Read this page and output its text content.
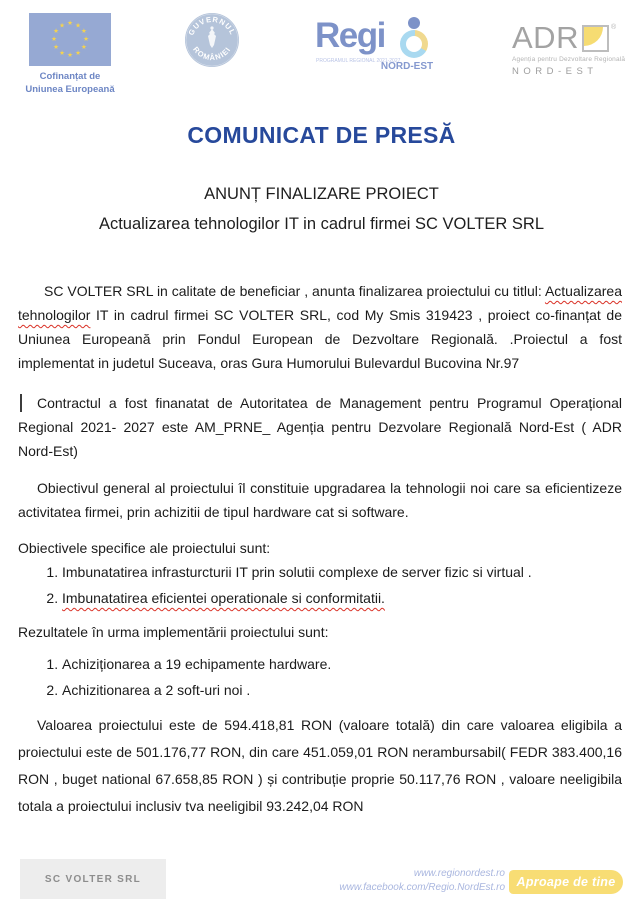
★ ★
★
★
★
★
★
★
★
★
★
★
Cofinanțat de
Uniunea Europeană
GUVERNUL
ROMÂNIEI Regi
PROGRAMUL REGIONAL 2021-2027
NORD-EST
ADR	®
Agenția pentru Dezvoltare Regională
NORD-EST
COMUNICAT DE PRESĂ
ANUNȚ FINALIZARE PROIECT
Actualizarea tehnologilor IT in cadrul firmei SC VOLTER SRL

SC VOLTER SRL in calitate de beneficiar , anunta finalizarea proiectului cu titlul: Actualizarea tehnologilor IT in cadrul firmei SC VOLTER SRL, cod My Smis 319423 , proiect co-finanțat de Uniunea Europeană prin Fondul European de Dezvoltare Regională. .Proiectul a fost implementat in judetul Suceava, oras Gura Humorului Bulevardul Bucovina Nr.97

Contractul a fost finanatat de Autoritatea de Management pentru Programul Operațional Regional 2021- 2027 este AM_PRNE_ Agenția pentru Dezvolare Regională Nord-Est ( ADR Nord-Est)

Obiectivul general al proiectului îl constituie upgradarea la tehnologii noi care sa eficientizeze activitatea firmei, prin achizitii de tipul hardware cat si software.

Obiectivele specifice ale proiectului sunt:

1. Imbunatatirea infrasturcturii IT prin solutii complexe de server fizic si virtual .
2. Imbunatatirea eficientei operationale si conformitatii.

Rezultatele în urma implementării proiectului sunt:

1. Achiziționarea a 19 echipamente hardware.
2. Achizitionarea a 2 soft-uri noi .

Valoarea proiectului este de 594.418,81 RON (valoare totală) din care valoarea eligibila a proiectului este de 501.176,77 RON, din care 451.059,01 RON nerambursabil( FEDR 383.400,16 RON , buget national 67.658,85 RON ) și contribuție proprie 50.117,76 RON , valoare neeligibila totala a proiectului inclusiv tva neeligibil 93.242,04 RON

SC VOLTER SRL	www.regionordest.ro
www.facebook.com/Regio.NordEst.ro Aproape de tine
